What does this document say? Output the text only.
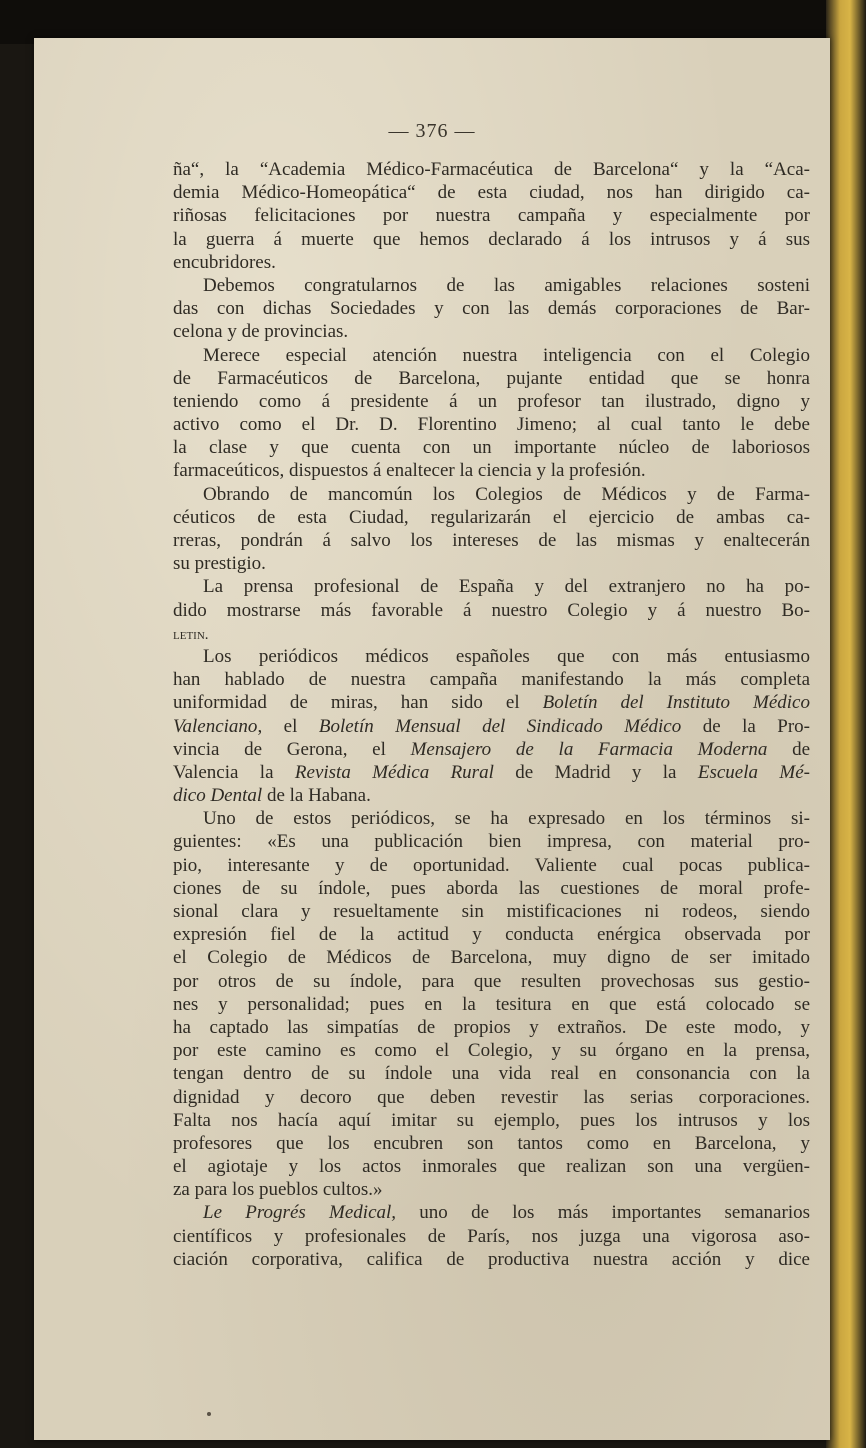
— 376 —
ña“, la “Academia Médico-Farmacéutica de Barcelona“ y la “Aca-
demia Médico-Homeopática“ de esta ciudad, nos han dirigido ca-
riñosas felicitaciones por nuestra campaña y especialmente por
la guerra á muerte que hemos declarado á los intrusos y á sus
encubridores.
Debemos congratularnos de las amigables relaciones sosteni
das con dichas Sociedades y con las demás corporaciones de Bar-
celona y de provincias.
Merece especial atención nuestra inteligencia con el Colegio
de Farmacéuticos de Barcelona, pujante entidad que se honra
teniendo como á presidente á un profesor tan ilustrado, digno y
activo como el Dr. D. Florentino Jimeno; al cual tanto le debe
la clase y que cuenta con un importante núcleo de laboriosos
farmaceúticos, dispuestos á enaltecer la ciencia y la profesión.
Obrando de mancomún los Colegios de Médicos y de Farma-
céuticos de esta Ciudad, regularizarán el ejercicio de ambas ca-
rreras, pondrán á salvo los intereses de las mismas y enaltecerán
su prestigio.
La prensa profesional de España y del extranjero no ha po-
dido mostrarse más favorable á nuestro Colegio y á nuestro Bo-
letin.
Los periódicos médicos españoles que con más entusiasmo
han hablado de nuestra campaña manifestando la más completa
uniformidad de miras, han sido el Boletín del Instituto Médico
Valenciano, el Boletín Mensual del Sindicado Médico de la Pro-
vincia de Gerona, el Mensajero de la Farmacia Moderna de
Valencia la Revista Médica Rural de Madrid y la Escuela Mé-
dico Dental de la Habana.
Uno de estos periódicos, se ha expresado en los términos si-
guientes: «Es una publicación bien impresa, con material pro-
pio, interesante y de oportunidad. Valiente cual pocas publica-
ciones de su índole, pues aborda las cuestiones de moral profe-
sional clara y resueltamente sin mistificaciones ni rodeos, siendo
expresión fiel de la actitud y conducta enérgica observada por
el Colegio de Médicos de Barcelona, muy digno de ser imitado
por otros de su índole, para que resulten provechosas sus gestio-
nes y personalidad; pues en la tesitura en que está colocado se
ha captado las simpatías de propios y extraños. De este modo, y
por este camino es como el Colegio, y su órgano en la prensa,
tengan dentro de su índole una vida real en consonancia con la
dignidad y decoro que deben revestir las serias corporaciones.
Falta nos hacía aquí imitar su ejemplo, pues los intrusos y los
profesores que los encubren son tantos como en Barcelona, y
el agiotaje y los actos inmorales que realizan son una vergüen-
za para los pueblos cultos.»
Le Progrés Medical, uno de los más importantes semanarios
científicos y profesionales de París, nos juzga una vigorosa aso-
ciación corporativa, califica de productiva nuestra acción y dice
